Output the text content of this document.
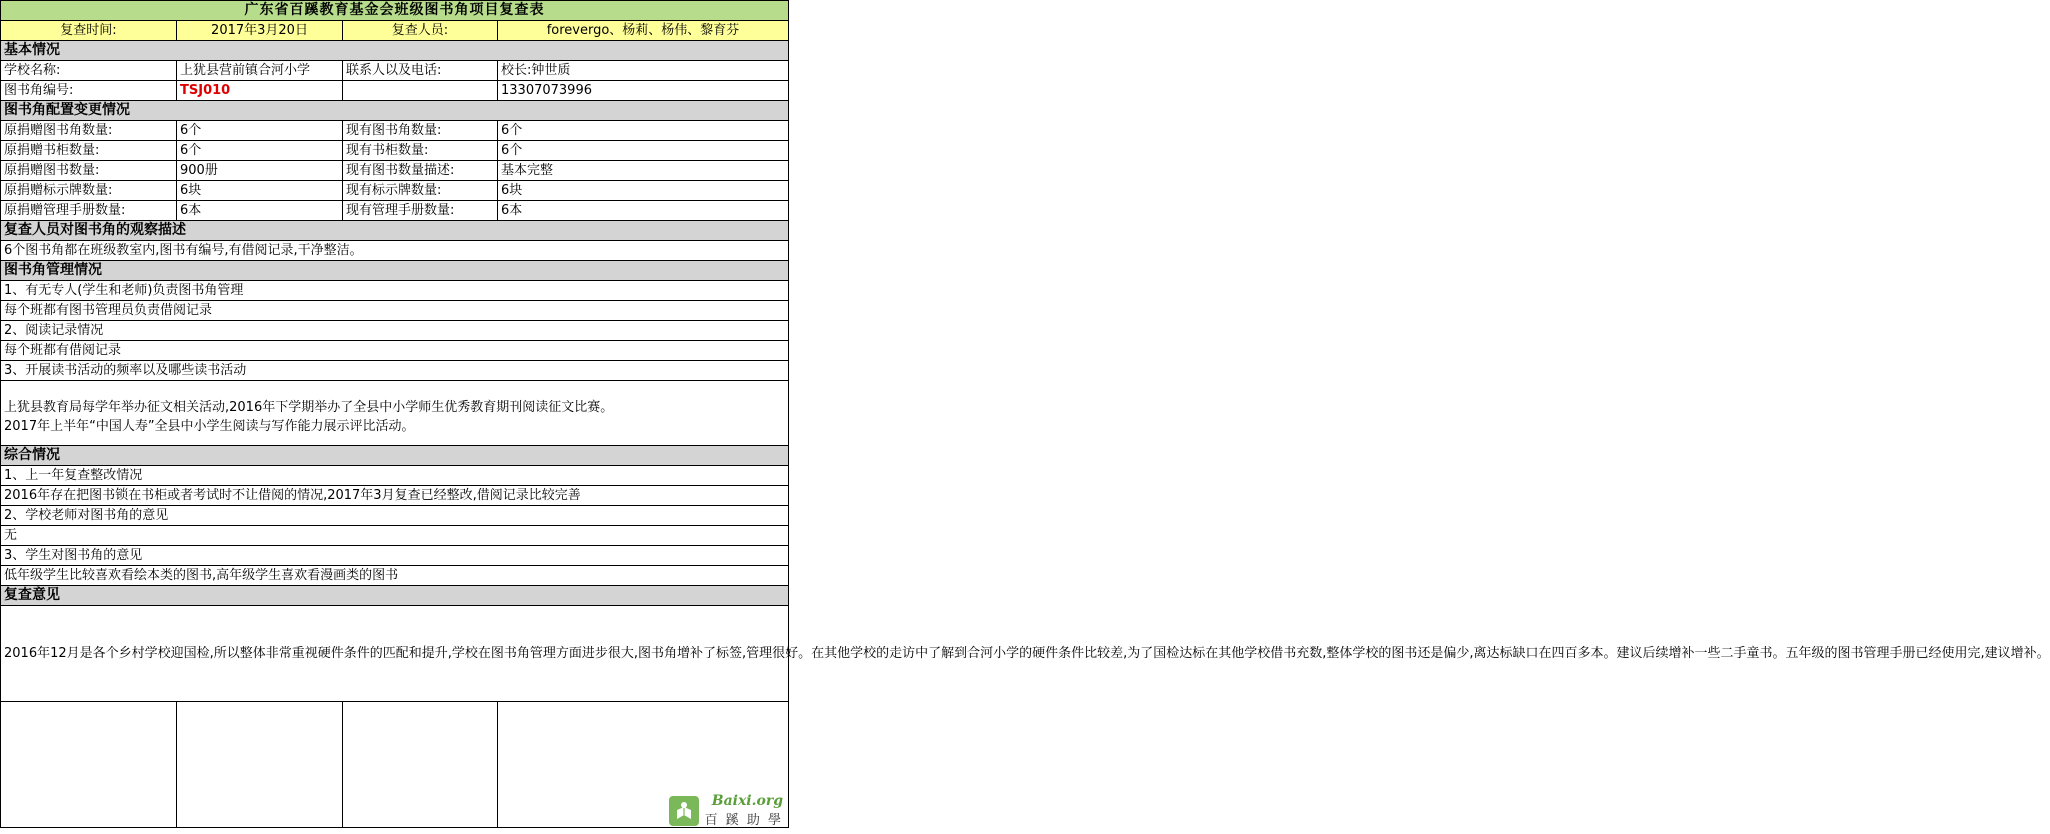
广东省百蹊教育基金会班级图书角项目复查表			
复查时间:	2017年3月20日	复查人员:	forevergo、杨莉、杨伟、黎育芬
基本情况			
学校名称:	上犹县营前镇合河小学	联系人以及电话:	校长:钟世质
图书角编号:	TSJ010		13307073996
图书角配置变更情况			
原捐赠图书角数量:	6个	现有图书角数量:	6个
原捐赠书柜数量:	6个	现有书柜数量:	6个
原捐赠图书数量:	900册	现有图书数量描述:	基本完整
原捐赠标示牌数量:	6块	现有标示牌数量:	6块
原捐赠管理手册数量:	6本	现有管理手册数量:	6本
复查人员对图书角的观察描述			
6个图书角都在班级教室内,图书有编号,有借阅记录,干净整洁。			
图书角管理情况			
1、有无专人(学生和老师)负责图书角管理			
每个班都有图书管理员负责借阅记录			
2、阅读记录情况			
每个班都有借阅记录			
3、开展读书活动的频率以及哪些读书活动			

上犹县教育局每学年举办征文相关活动,2016年下学期举办了全县中小学师生优秀教育期刊阅读征文比赛。
2017年上半年“中国人寿”全县中小学生阅读与写作能力展示评比活动。			

综合情况			
1、上一年复查整改情况			
2016年存在把图书锁在书柜或者考试时不让借阅的情况,2017年3月复查已经整改,借阅记录比较完善			
2、学校老师对图书角的意见			
无			
3、学生对图书角的意见			
低年级学生比较喜欢看绘本类的图书,高年级学生喜欢看漫画类的图书			
复查意见			
2016年12月是各个乡村学校迎国检,所以整体非常重视硬件条件的匹配和提升,学校在图书角管理方面进步很大,图书角增补了标签,管理很好。在其他学校的走访中了解到合河小学的硬件条件比较差,为了国检达标在其他学校借书充数,整体学校的图书还是偏少,离达标缺口在四百多本。建议后续增补一些二手童书。五年级的图书管理手册已经使用完,建议增补。			

Baixi.org
百 蹊 助 學
